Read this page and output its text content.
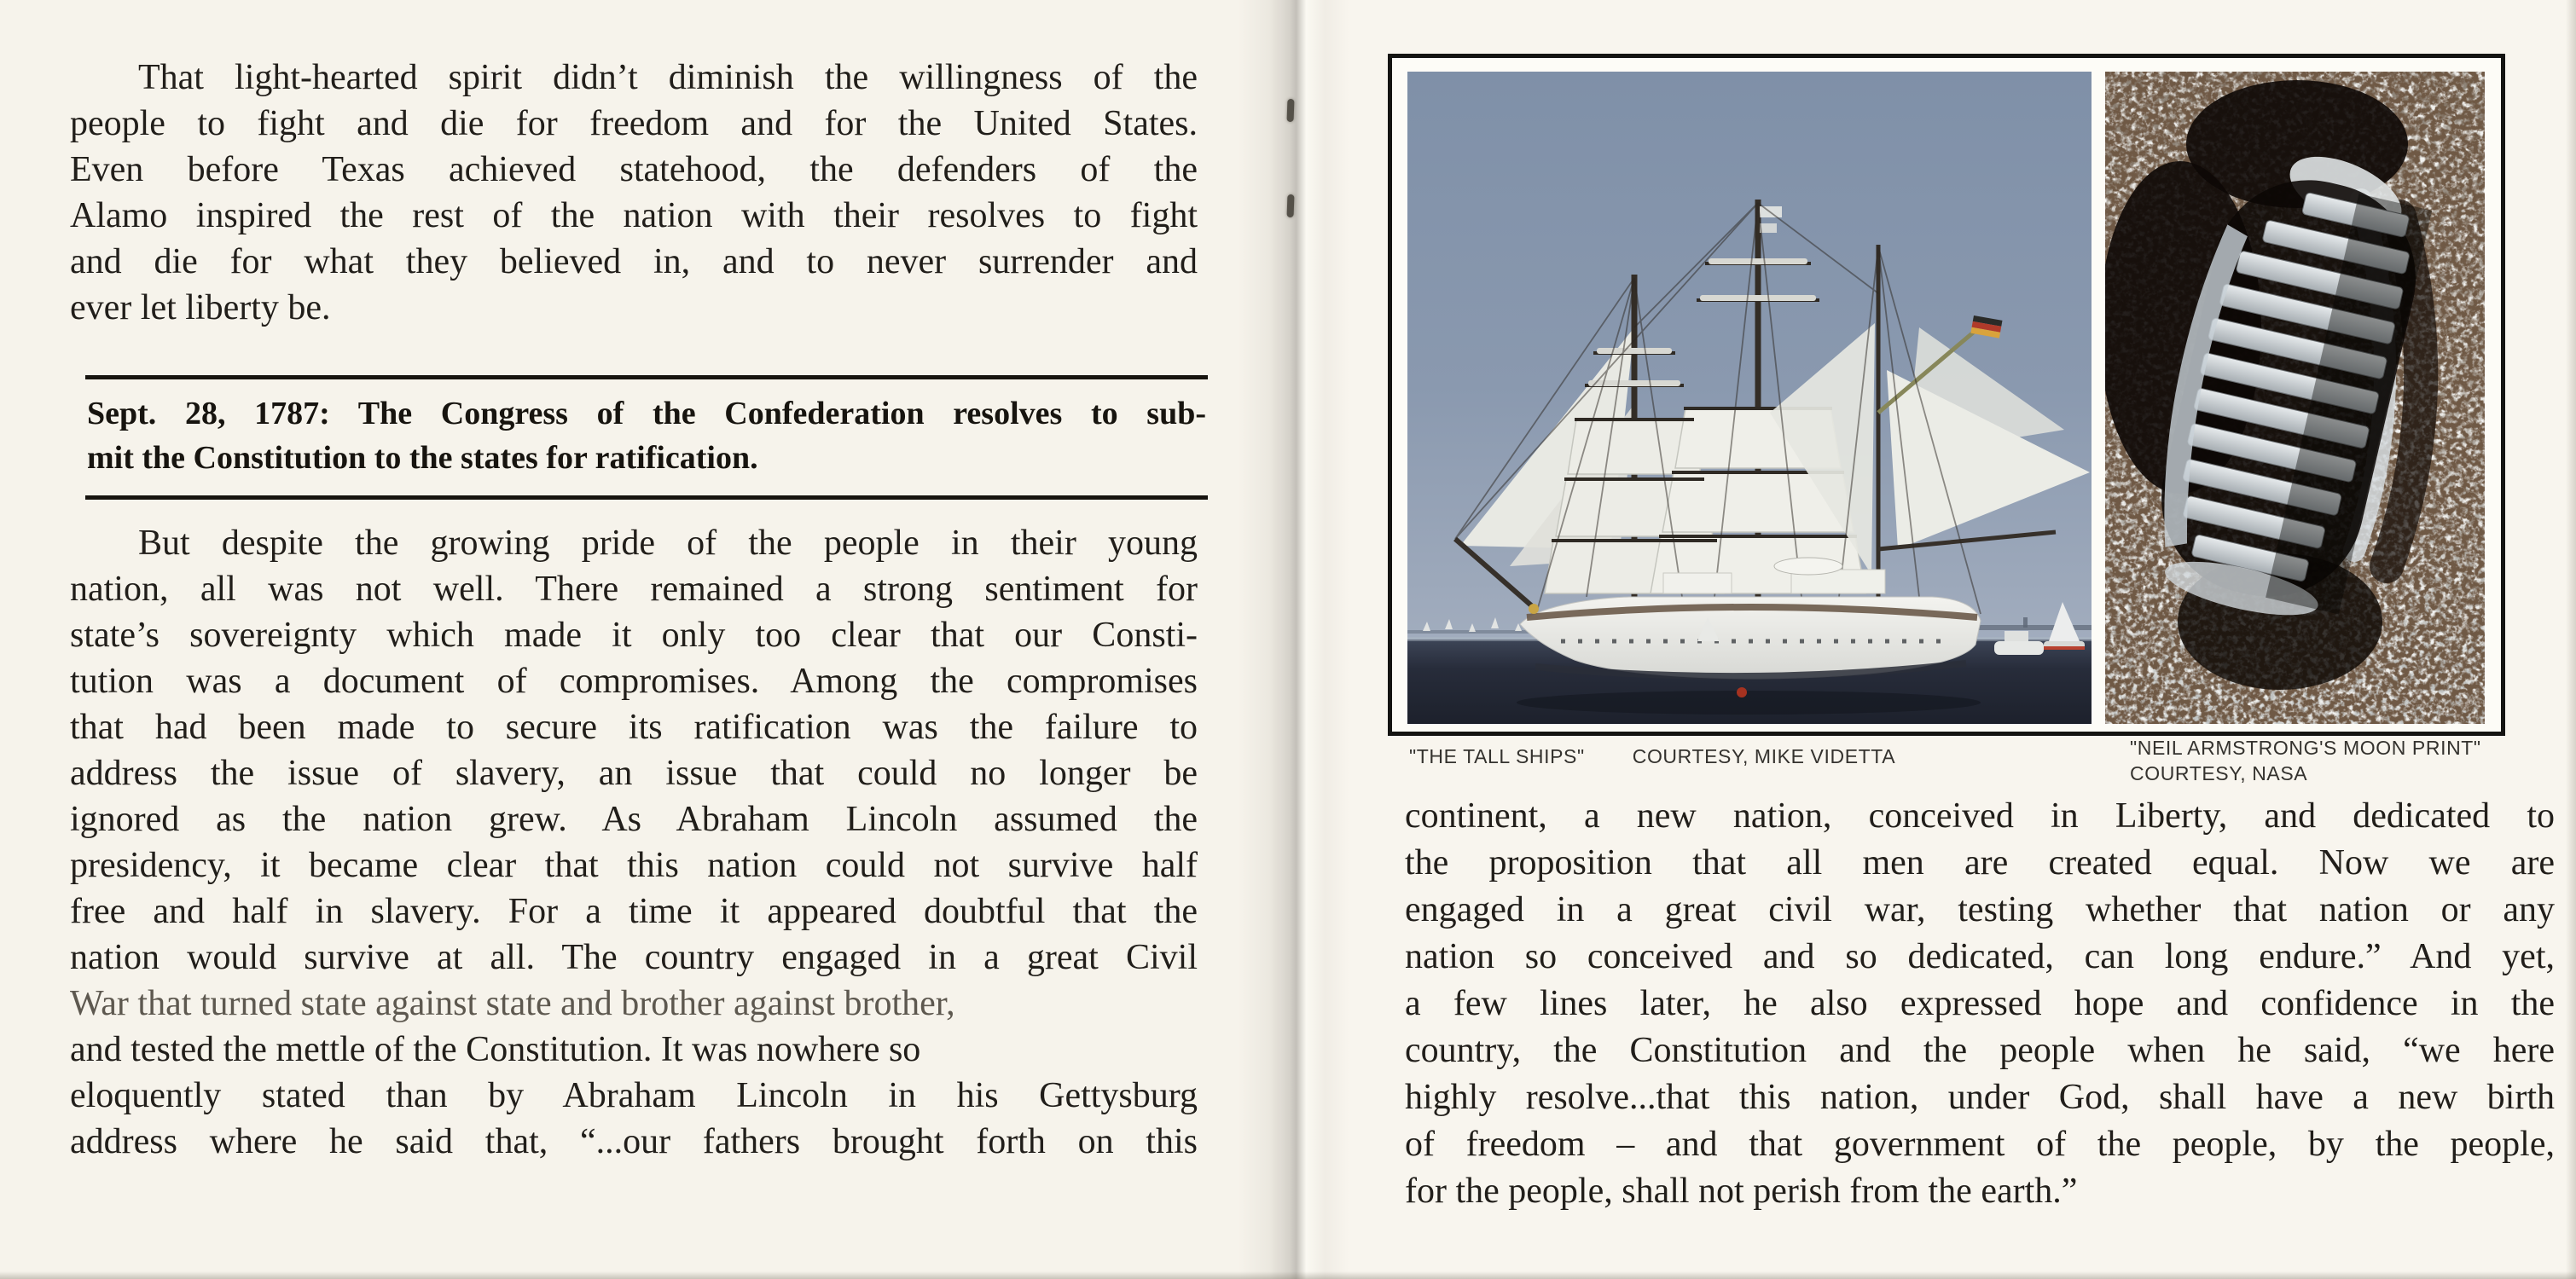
That light-hearted spirit didn’t diminish the willingness of the
people to fight and die for freedom and for the United States.
Even before Texas achieved statehood, the defenders of the
Alamo inspired the rest of the nation with their resolves to fight
and die for what they believed in, and to never surrender and
ever let liberty be.
Sept. 28, 1787: The Congress of the Confederation resolves to sub-
mit the Constitution to the states for ratification.
But despite the growing pride of the people in their young
nation, all was not well. There remained a strong sentiment for
state’s sovereignty which made it only too clear that our Consti-
tution was a document of compromises. Among the compromises
that had been made to secure its ratification was the failure to
address the issue of slavery, an issue that could no longer be
ignored as the nation grew. As Abraham Lincoln assumed the
presidency, it became clear that this nation could not survive half
free and half in slavery. For a time it appeared doubtful that the
nation would survive at all. The country engaged in a great Civil
War that turned state against state and brother against brother,
and tested the mettle of the Constitution. It was nowhere so
eloquently stated than by Abraham Lincoln in his Gettysburg
address where he said that, “...our fathers brought forth on this
"THE TALL SHIPS" COURTESY, MIKE VIDETTA	"NEIL ARMSTRONG'S MOON PRINT"
COURTESY, NASA
continent, a new nation, conceived in Liberty, and dedicated to
the proposition that all men are created equal. Now we are
engaged in a great civil war, testing whether that nation or any
nation so conceived and so dedicated, can long endure.” And yet,
a few lines later, he also expressed hope and confidence in the
country, the Constitution and the people when he said, “we here
highly resolve...that this nation, under God, shall have a new birth
of freedom – and that government of the people, by the people,
for the people, shall not perish from the earth.”
